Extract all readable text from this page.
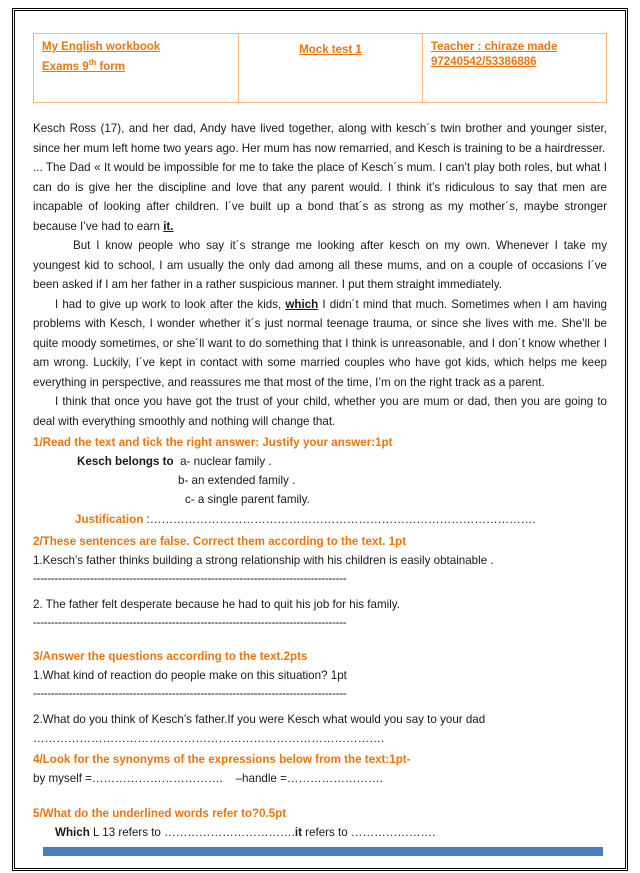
My English workbook
Exams 9th form
	Mock test 1	Teacher : chiraze made
97240542/53386886

Kesch Ross (17), and her dad, Andy have lived together, along with kesch´s twin brother and younger sister, since her mum left home two years ago. Her mum has now remarried, and Kesch is training to be a hairdresser.

... The Dad « It would be impossible for me to take the place of Kesch´s mum. I can’t play both roles, but what I can do is give her the discipline and love that any parent would. I think it’s ridiculous to say that men are incapable of looking after children. I´ve built up a bond that´s as strong as my mother´s, maybe stronger because I’ve had to earn it.

But I know people who say it´s strange me looking after kesch on my own. Whenever I take my youngest kid to school, I am usually the only dad among all these mums, and on a couple of occasions I´ve been asked if I am her father in a rather suspicious manner. I put them straight immediately.

I had to give up work to look after the kids, which I didn´t mind that much. Sometimes when I am having problems with Kesch, I wonder whether it´s just normal teenage trauma, or since she lives with me. She’ll be quite moody sometimes, or she´ll want to do something that I think is unreasonable, and I don´t know whether I am wrong. Luckily, I´ve kept in contact with some married couples who have got kids, which helps me keep everything in perspective, and reassures me that most of the time, I’m on the right track as a parent.

I think that once you have got the trust of your child, whether you are mum or dad, then you are going to deal with everything smoothly and nothing will change that.

1/Read the text and tick the right answer: Justify your answer:1pt

Kesch belongs to a- nuclear family .

b- an extended family .

c- a single parent family.

Justification :……………………………………………………………………………………….

2/These sentences are false. Correct them according to the text. 1pt

1.Kesch’s father thinks building a strong relationship with his children is easily obtainable .

----------------------------------------------------------------------------------------

2. The father felt desperate because he had to quit his job for his family.

----------------------------------------------------------------------------------------

3/Answer the questions according to the text.2pts

1.What kind of reaction do people make on this situation? 1pt

----------------------------------------------------------------------------------------

2.What do you think of Kesch’s father.If you were Kesch what would you say to your dad

……………………………………………………………………………….

4/Look for the synonyms of the expressions below from the text:1pt-

by myself =……………………………. –handle =…………………….

5/What do the underlined words refer to?0.5pt

Which L 13 refers to …………………………….it refers to ………………….
